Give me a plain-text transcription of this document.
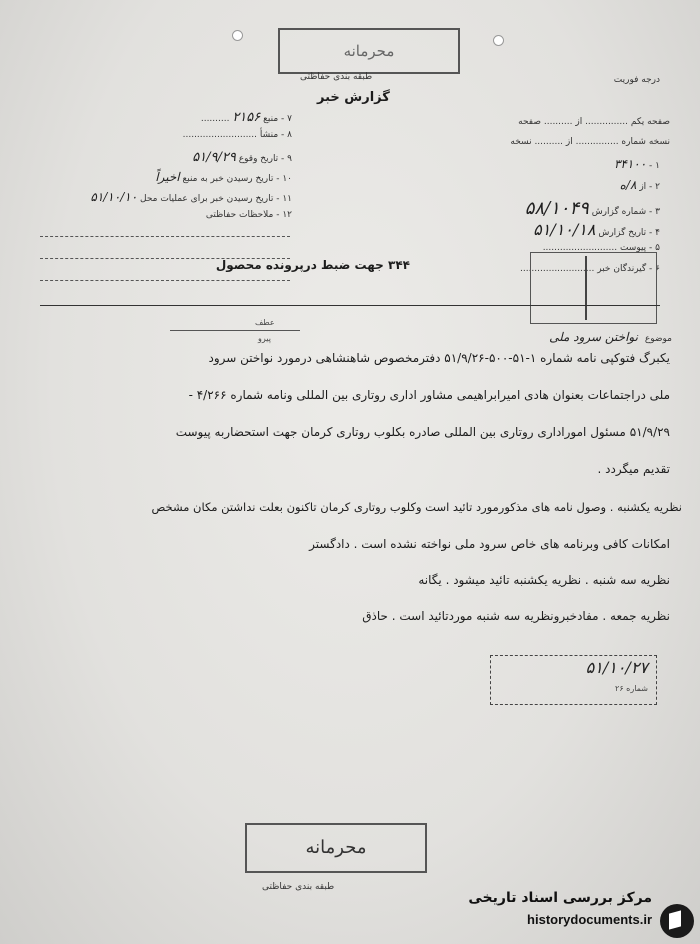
محرمانه
طبقه بندی حفاظتی
گزارش خبر
درجه فوریت
صفحه یکم ............... از .......... صفحه
نسخه شماره ............... از .......... نسخه
۱ - ۳۴۱۰۰
۲ - از ۸/ه
۳ - شماره گزارش ۵۸/۱۰۴۹
۴ - تاریخ گزارش ۵۱/۱۰/۱۸
۵ - پیوست ..........................
۶ - گیرندگان خبر ..........................
۳۴۴ جهت ضبط درپرونده محصول
۷ - منبع ۲۱۵۶ ..........
۸ - منشأ ..........................
۹ - تاریخ وقوع ۵۱/۹/۲۹
۱۰ - تاریخ رسیدن خبر به منبع اخیراً
۱۱ - تاریخ رسیدن خبر برای عملیات محل ۵۱/۱۰/۱۰
۱۲ - ملاحظات حفاظتی
عطف
پیرو	موضوع نواختن سرود ملی
یکبرگ فتوکپی نامه شماره ۱-۵۱-۵۰۰-۵۱/۹/۲۶ دفترمخصوص شاهنشاهی درمورد نواختن سرود
ملی دراجتماعات بعنوان هادی امیرابراهیمی مشاور اداری روتاری بین المللی ونامه شماره ۴/۲۶۶ -
۵۱/۹/۲۹ مسئول اموراداری روتاری بین المللی صادره بکلوب روتاری کرمان جهت استحضاربه پیوست
تقدیم میگردد .
نظریه یکشنبه . وصول نامه های مذکورمورد تائید است وکلوب روتاری کرمان تاکنون بعلت نداشتن مکان مشخص
امکانات کافی وبرنامه های خاص سرود ملی نواخته نشده است . دادگستر
نظریه سه شنبه . نظریه یکشنبه تائید میشود . یگانه
نظریه جمعه . مفادخبرونظریه سه شنبه موردتائید است . حاذق
۵۱/۱۰/۲۷
شماره ۲۶
محرمانه
طبقه بندی حفاظتی
مرکز بررسی اسناد تاریخی
historydocuments.ir
